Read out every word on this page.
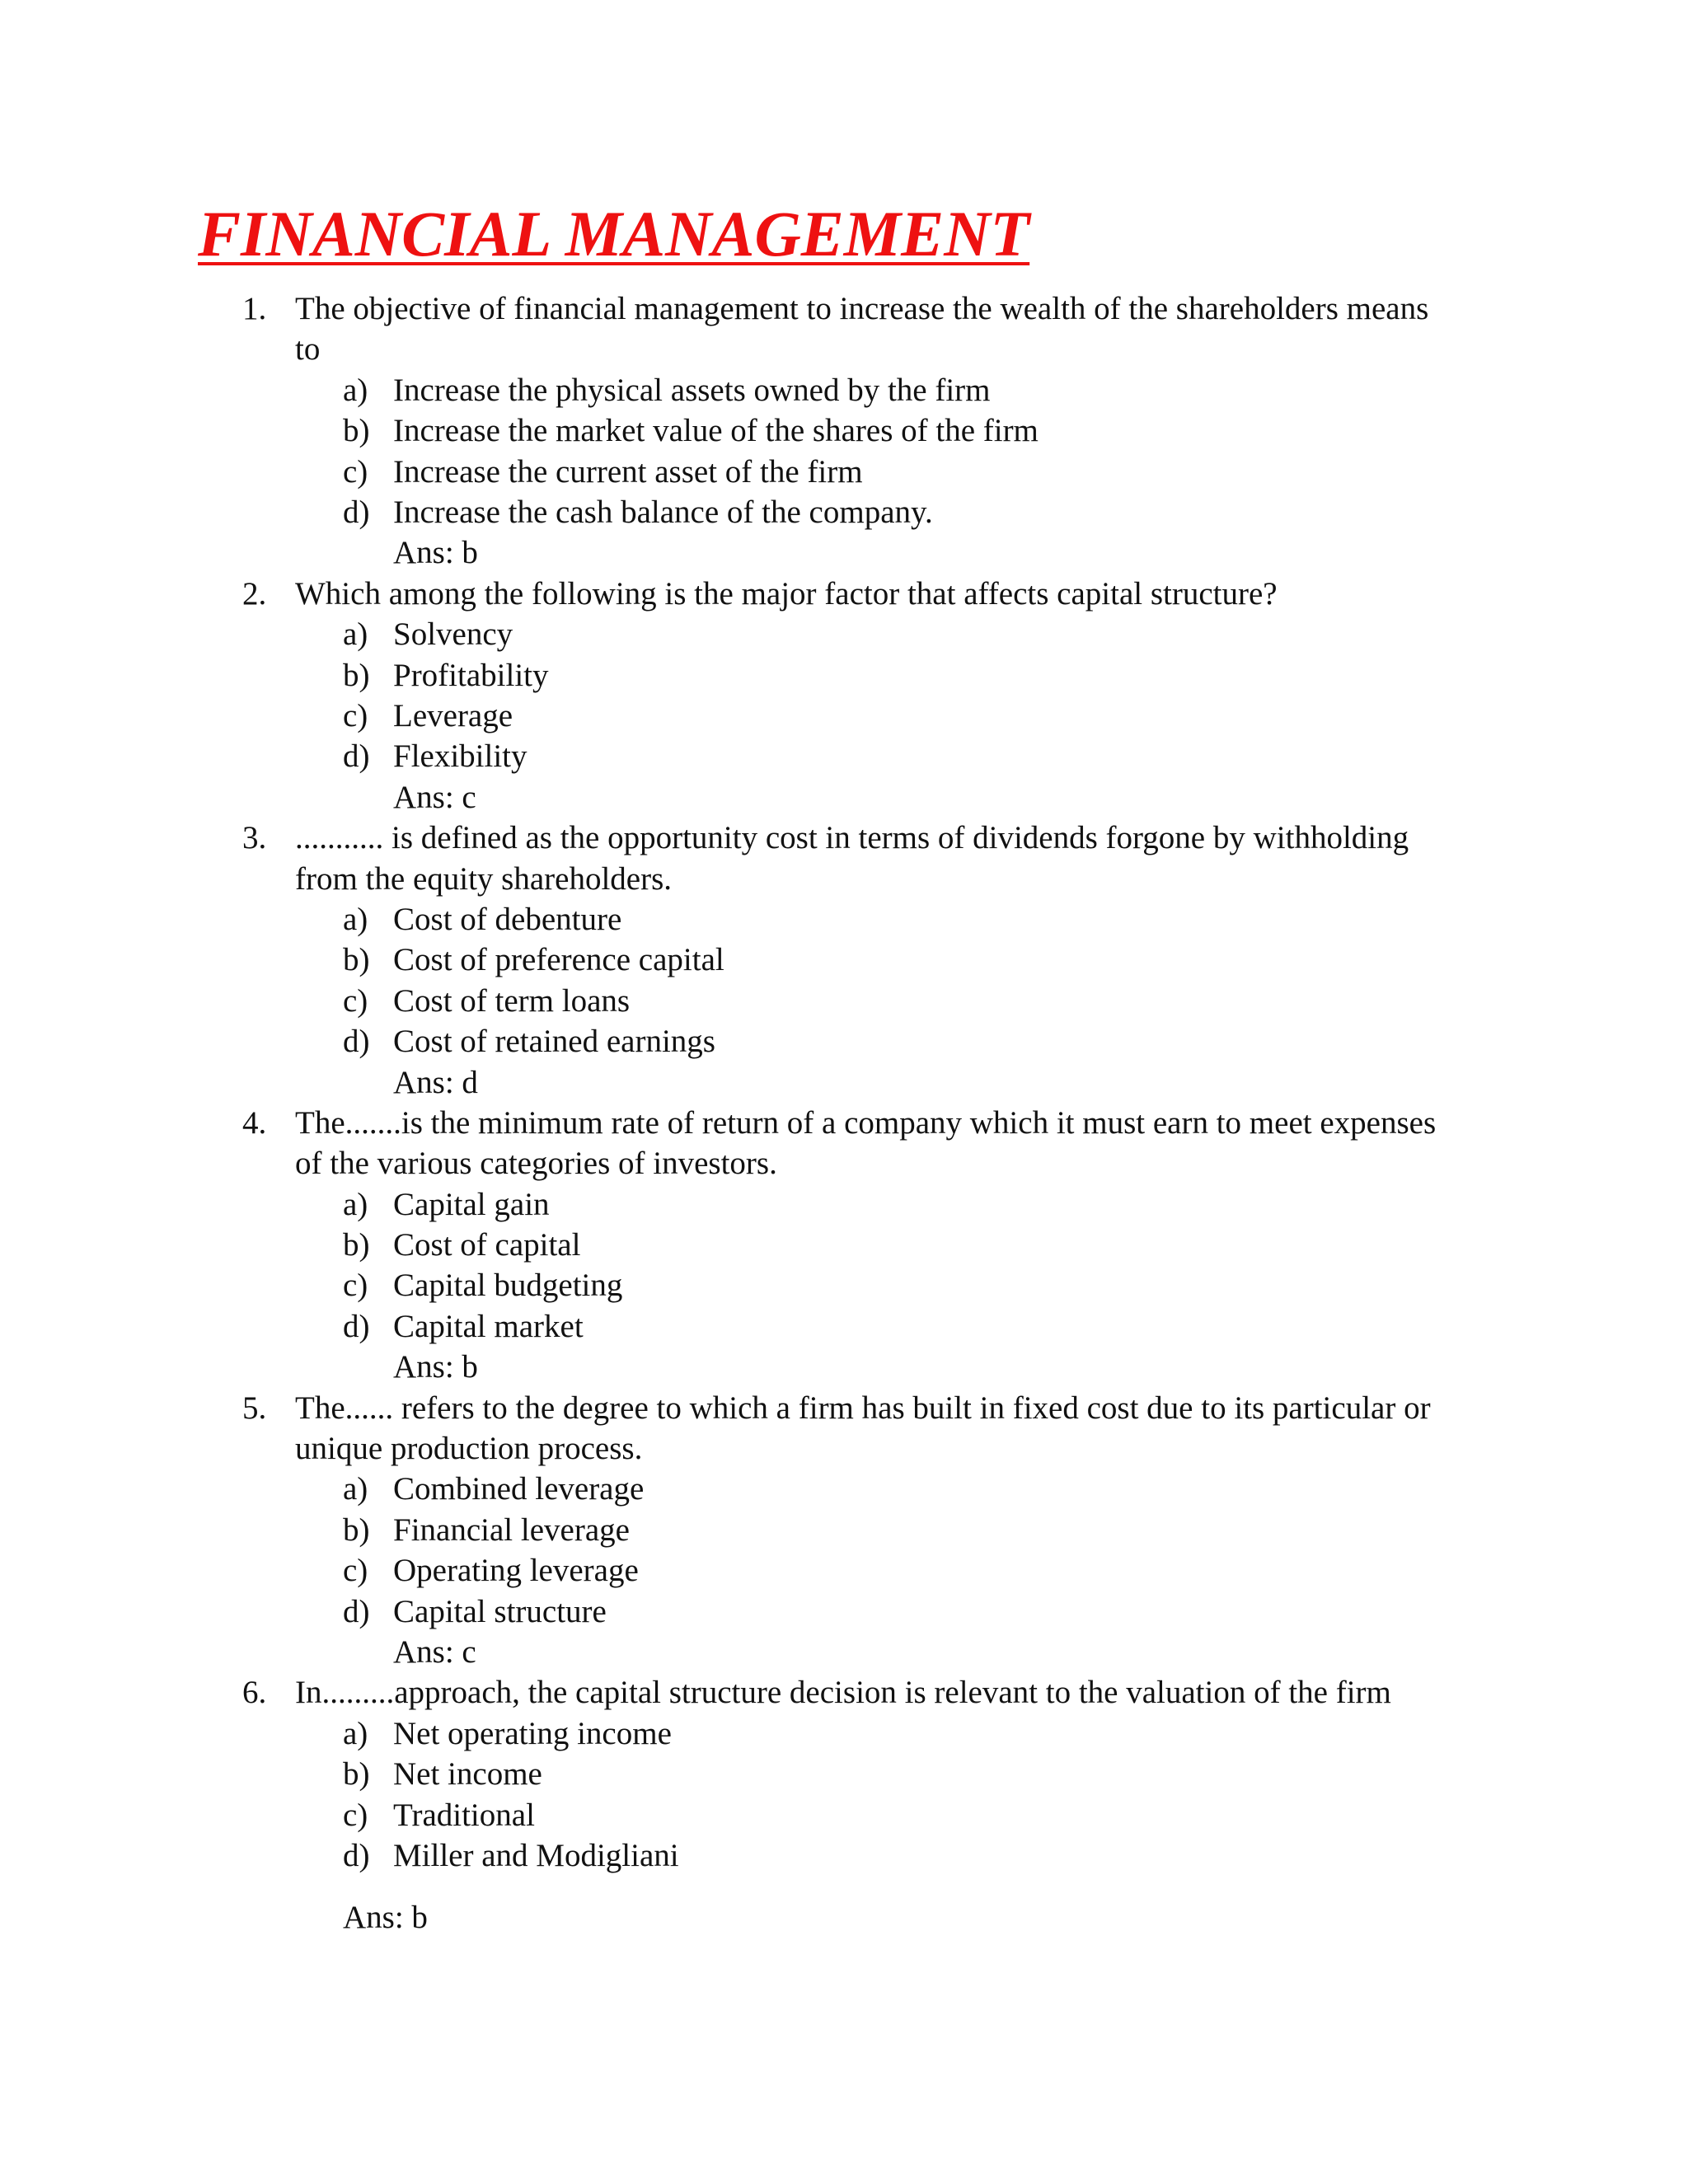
FINANCIAL MANAGEMENT
1. The objective of financial management to increase the wealth of the shareholders means to
a) Increase the physical assets owned by the firm
b) Increase the market value of the shares of the firm
c) Increase the current asset of the firm
d) Increase the cash balance of the company.
Ans: b
2. Which among the following is the major factor that affects capital structure?
a) Solvency
b) Profitability
c) Leverage
d) Flexibility
Ans: c
3. ........... is defined as the opportunity cost in terms of dividends forgone by withholding from the equity shareholders.
a) Cost of debenture
b) Cost of preference capital
c) Cost of term loans
d) Cost of retained earnings
Ans: d
4. The.......is the minimum rate of return of a company which it must earn to meet expenses of the various categories of investors.
a) Capital gain
b) Cost of capital
c) Capital budgeting
d) Capital market
Ans: b
5. The...... refers to the degree to which a firm has built in fixed cost due to its particular or unique production process.
a) Combined leverage
b) Financial leverage
c) Operating leverage
d) Capital structure
Ans: c
6. In.........approach, the capital structure decision is relevant to the valuation of the firm
a) Net operating income
b) Net income
c) Traditional
d) Miller and Modigliani
Ans: b
